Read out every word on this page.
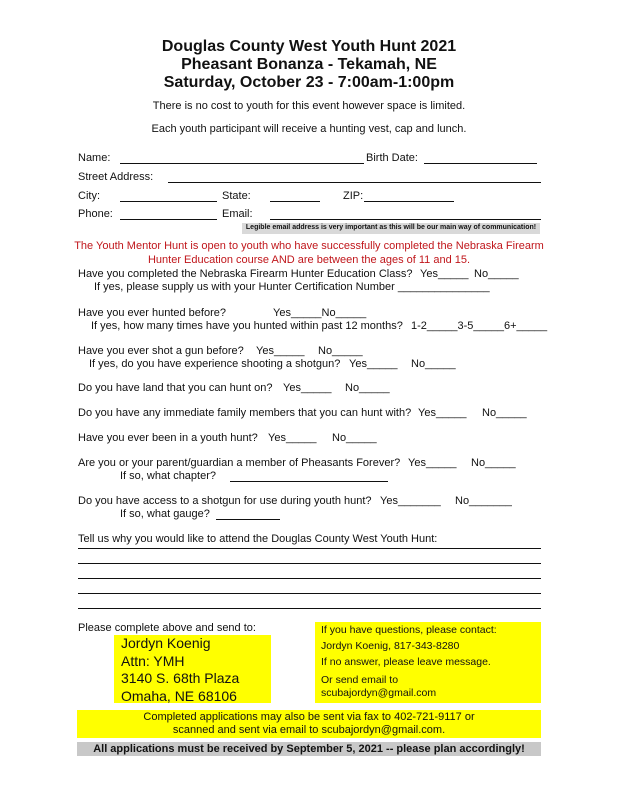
Douglas County West Youth Hunt 2021
Pheasant Bonanza - Tekamah, NE
Saturday, October 23 - 7:00am-1:00pm
There is no cost to youth for this event however space is limited.
Each youth participant will receive a hunting vest, cap and lunch.
Name:	Birth Date:
Street Address:
City:	State:	ZIP:
Phone:	Email:
Legible email address is very important as this will be our main way of communication!
The Youth Mentor Hunt is open to youth who have successfully completed the Nebraska Firearm
Hunter Education course AND are between the ages of 11 and 15.
Have you completed the Nebraska Firearm Hunter Education Class? Yes_____ No_____
If yes, please supply us with your Hunter Certification Number _______________
Have you ever hunted before?	Yes_____No_____
If yes, how many times have you hunted within past 12 months? 1-2_____3-5_____6+_____
Have you ever shot a gun before? Yes_____ No_____
If yes, do you have experience shooting a shotgun? Yes_____ No_____
Do you have land that you can hunt on? Yes_____ No_____
Do you have any immediate family members that you can hunt with? Yes_____ No_____
Have you ever been in a youth hunt? Yes_____ No_____
Are you or your parent/guardian a member of Pheasants Forever? Yes_____ No_____
If so, what chapter?
Do you have access to a shotgun for use during youth hunt? Yes_______ No_______
If so, what gauge?
Tell us why you would like to attend the Douglas County West Youth Hunt:
Please complete above and send to:
Jordyn Koenig
Attn: YMH
3140 S. 68th Plaza
Omaha, NE 68106
If you have questions, please contact:
Jordyn Koenig, 817-343-8280
If no answer, please leave message.
Or send email to
scubajordyn@gmail.com
Completed applications may also be sent via fax to 402-721-9117 or
scanned and sent via email to scubajordyn@gmail.com.
All applications must be received by September 5, 2021 -- please plan accordingly!
